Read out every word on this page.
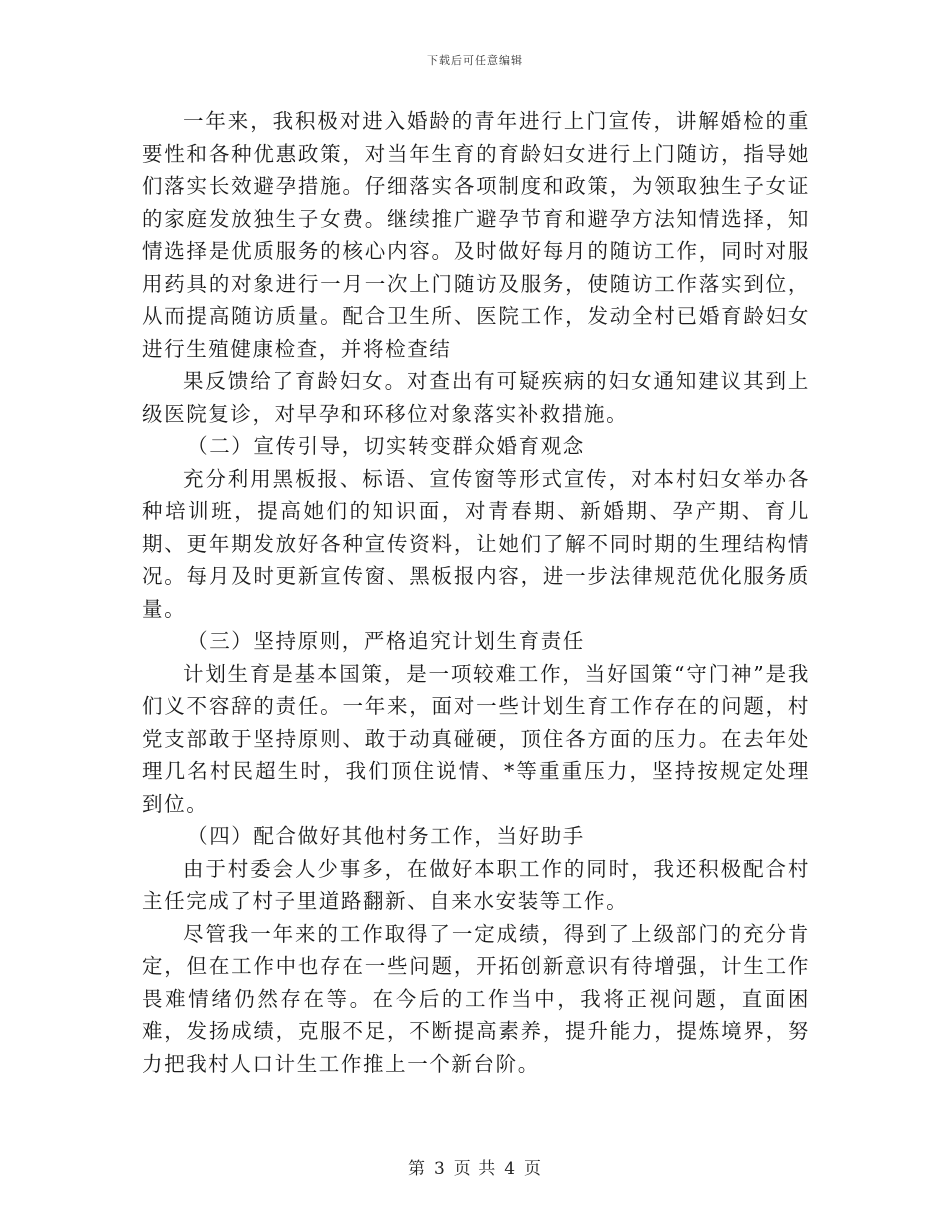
下载后可任意编辑

一年来，我积极对进入婚龄的青年进行上门宣传，讲解婚检的重要性和各种优惠政策，对当年生育的育龄妇女进行上门随访，指导她们落实长效避孕措施。仔细落实各项制度和政策，为领取独生子女证的家庭发放独生子女费。继续推广避孕节育和避孕方法知情选择，知情选择是优质服务的核心内容。及时做好每月的随访工作，同时对服用药具的对象进行一月一次上门随访及服务，使随访工作落实到位，从而提高随访质量。配合卫生所、医院工作，发动全村已婚育龄妇女进行生殖健康检查，并将检查结

果反馈给了育龄妇女。对查出有可疑疾病的妇女通知建议其到上级医院复诊，对早孕和环移位对象落实补救措施。

（二）宣传引导，切实转变群众婚育观念

充分利用黑板报、标语、宣传窗等形式宣传，对本村妇女举办各种培训班，提高她们的知识面，对青春期、新婚期、孕产期、育儿期、更年期发放好各种宣传资料，让她们了解不同时期的生理结构情况。每月及时更新宣传窗、黑板报内容，进一步法律规范优化服务质量。

（三）坚持原则，严格追究计划生育责任

计划生育是基本国策，是一项较难工作，当好国策“守门神”是我们义不容辞的责任。一年来，面对一些计划生育工作存在的问题，村党支部敢于坚持原则、敢于动真碰硬，顶住各方面的压力。在去年处理几名村民超生时，我们顶住说情、*等重重压力，坚持按规定处理到位。

（四）配合做好其他村务工作，当好助手

由于村委会人少事多，在做好本职工作的同时，我还积极配合村主任完成了村子里道路翻新、自来水安装等工作。

尽管我一年来的工作取得了一定成绩，得到了上级部门的充分肯定，但在工作中也存在一些问题，开拓创新意识有待增强，计生工作畏难情绪仍然存在等。在今后的工作当中，我将正视问题，直面困难，发扬成绩，克服不足，不断提高素养，提升能力，提炼境界，努力把我村人口计生工作推上一个新台阶。

第 3 页 共 4 页
